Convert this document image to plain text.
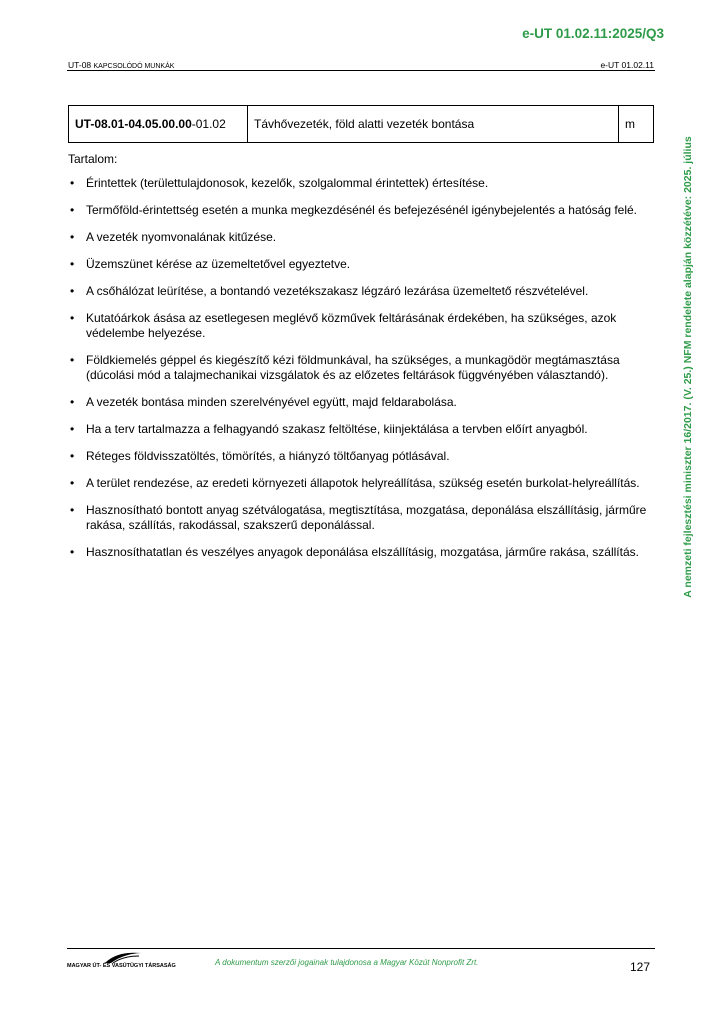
e-UT 01.02.11:2025/Q3
UT-08 KAPCSOLÓDÓ MUNKÁK	e-UT 01.02.11
UT-08.01-04.05.00.00-01.02	Távhővezeték, föld alatti vezeték bontása	m

Tartalom:

• Érintettek (területtulajdonosok, kezelők, szolgalommal érintettek) értesítése.
• Termőföld-érintettség esetén a munka megkezdésénél és befejezésénél igénybejelentés a hatóság felé.
• A vezeték nyomvonalának kitűzése.
• Üzemszünet kérése az üzemeltetővel egyeztetve.
• A csőhálózat leürítése, a bontandó vezetékszakasz légzáró lezárása üzemeltető részvételével.
• Kutatóárkok ásása az esetlegesen meglévő közművek feltárásának érdekében, ha szükséges, azok védelembe helyezése.
• Földkiemelés géppel és kiegészítő kézi földmunkával, ha szükséges, a munkagödör megtámasztása (dúcolási mód a talajmechanikai vizsgálatok és az előzetes feltárások függvényében választandó).
• A vezeték bontása minden szerelvényével együtt, majd feldarabolása.
• Ha a terv tartalmazza a felhagyandó szakasz feltöltése, kiinjektálása a tervben előírt anyagból.
• Réteges földvisszatöltés, tömörítés, a hiányzó töltőanyag pótlásával.
• A terület rendezése, az eredeti környezeti állapotok helyreállítása, szükség esetén burkolat-helyreállítás.
• Hasznosítható bontott anyag szétválogatása, megtisztítása, mozgatása, deponálása elszállításig, járműre rakása, szállítás, rakodással, szakszerű deponálással.
• Hasznosíthatatlan és veszélyes anyagok deponálása elszállításig, mozgatása, járműre rakása, szállítás.	A nemzeti fejlesztési miniszter 16/2017. (V. 25.) NFM rendelete alapján közzétéve: 2025. július
MAGYAR ÚT- ÉS VASÚTÜGYI TÁRSASÁG	A dokumentum szerzői jogainak tulajdonosa a Magyar Közút Nonprofit Zrt.	127
